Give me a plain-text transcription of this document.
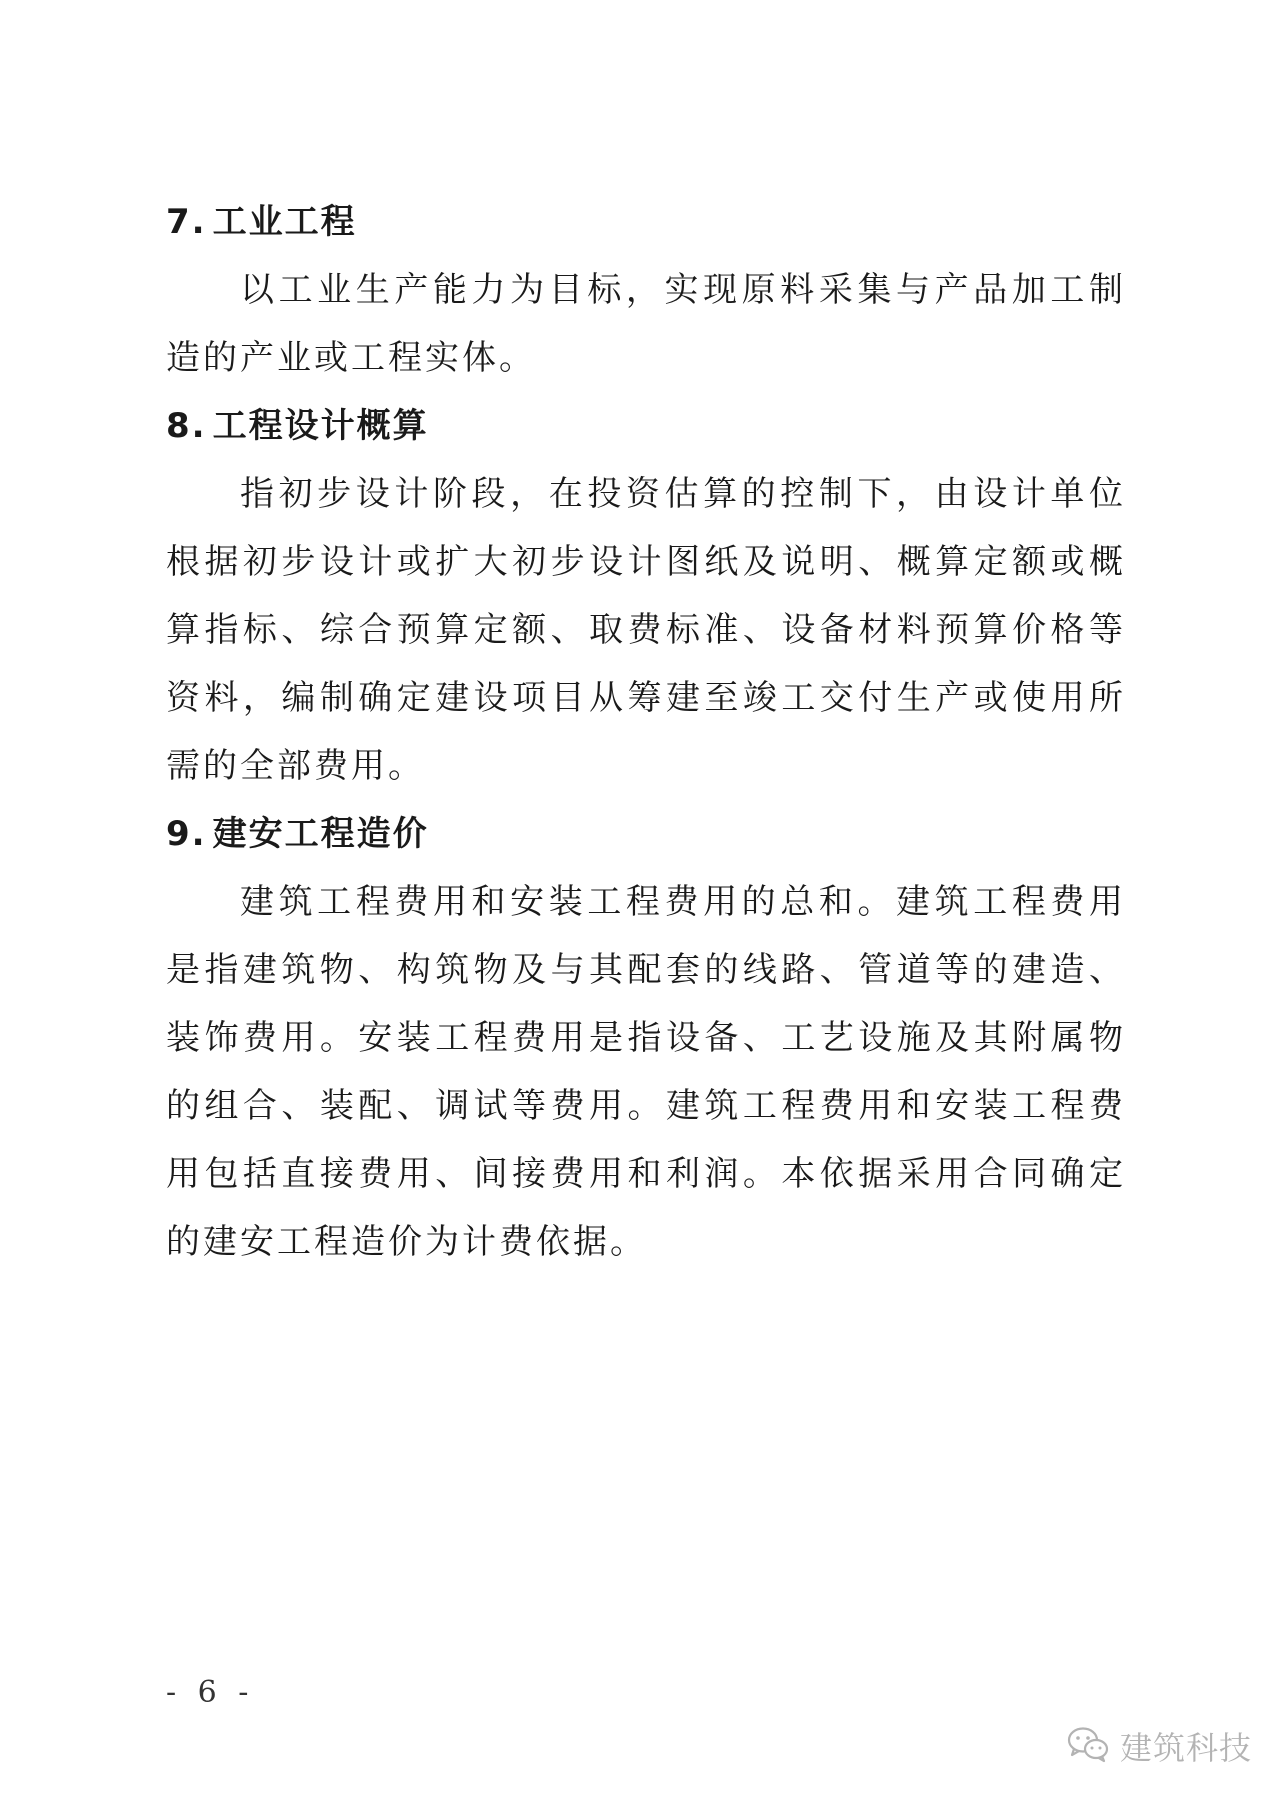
7. 工业工程

以工业生产能力为目标，实现原料采集与产品加工制造的产业或工程实体。

8. 工程设计概算

指初步设计阶段，在投资估算的控制下，由设计单位根据初步设计或扩大初步设计图纸及说明、概算定额或概算指标、综合预算定额、取费标准、设备材料预算价格等资料，编制确定建设项目从筹建至竣工交付生产或使用所需的全部费用。

9. 建安工程造价

建筑工程费用和安装工程费用的总和。建筑工程费用是指建筑物、构筑物及与其配套的线路、管道等的建造、装饰费用。安装工程费用是指设备、工艺设施及其附属物的组合、装配、调试等费用。建筑工程费用和安装工程费用包括直接费用、间接费用和利润。本依据采用合同确定的建安工程造价为计费依据。

- 6 -
建筑科技
